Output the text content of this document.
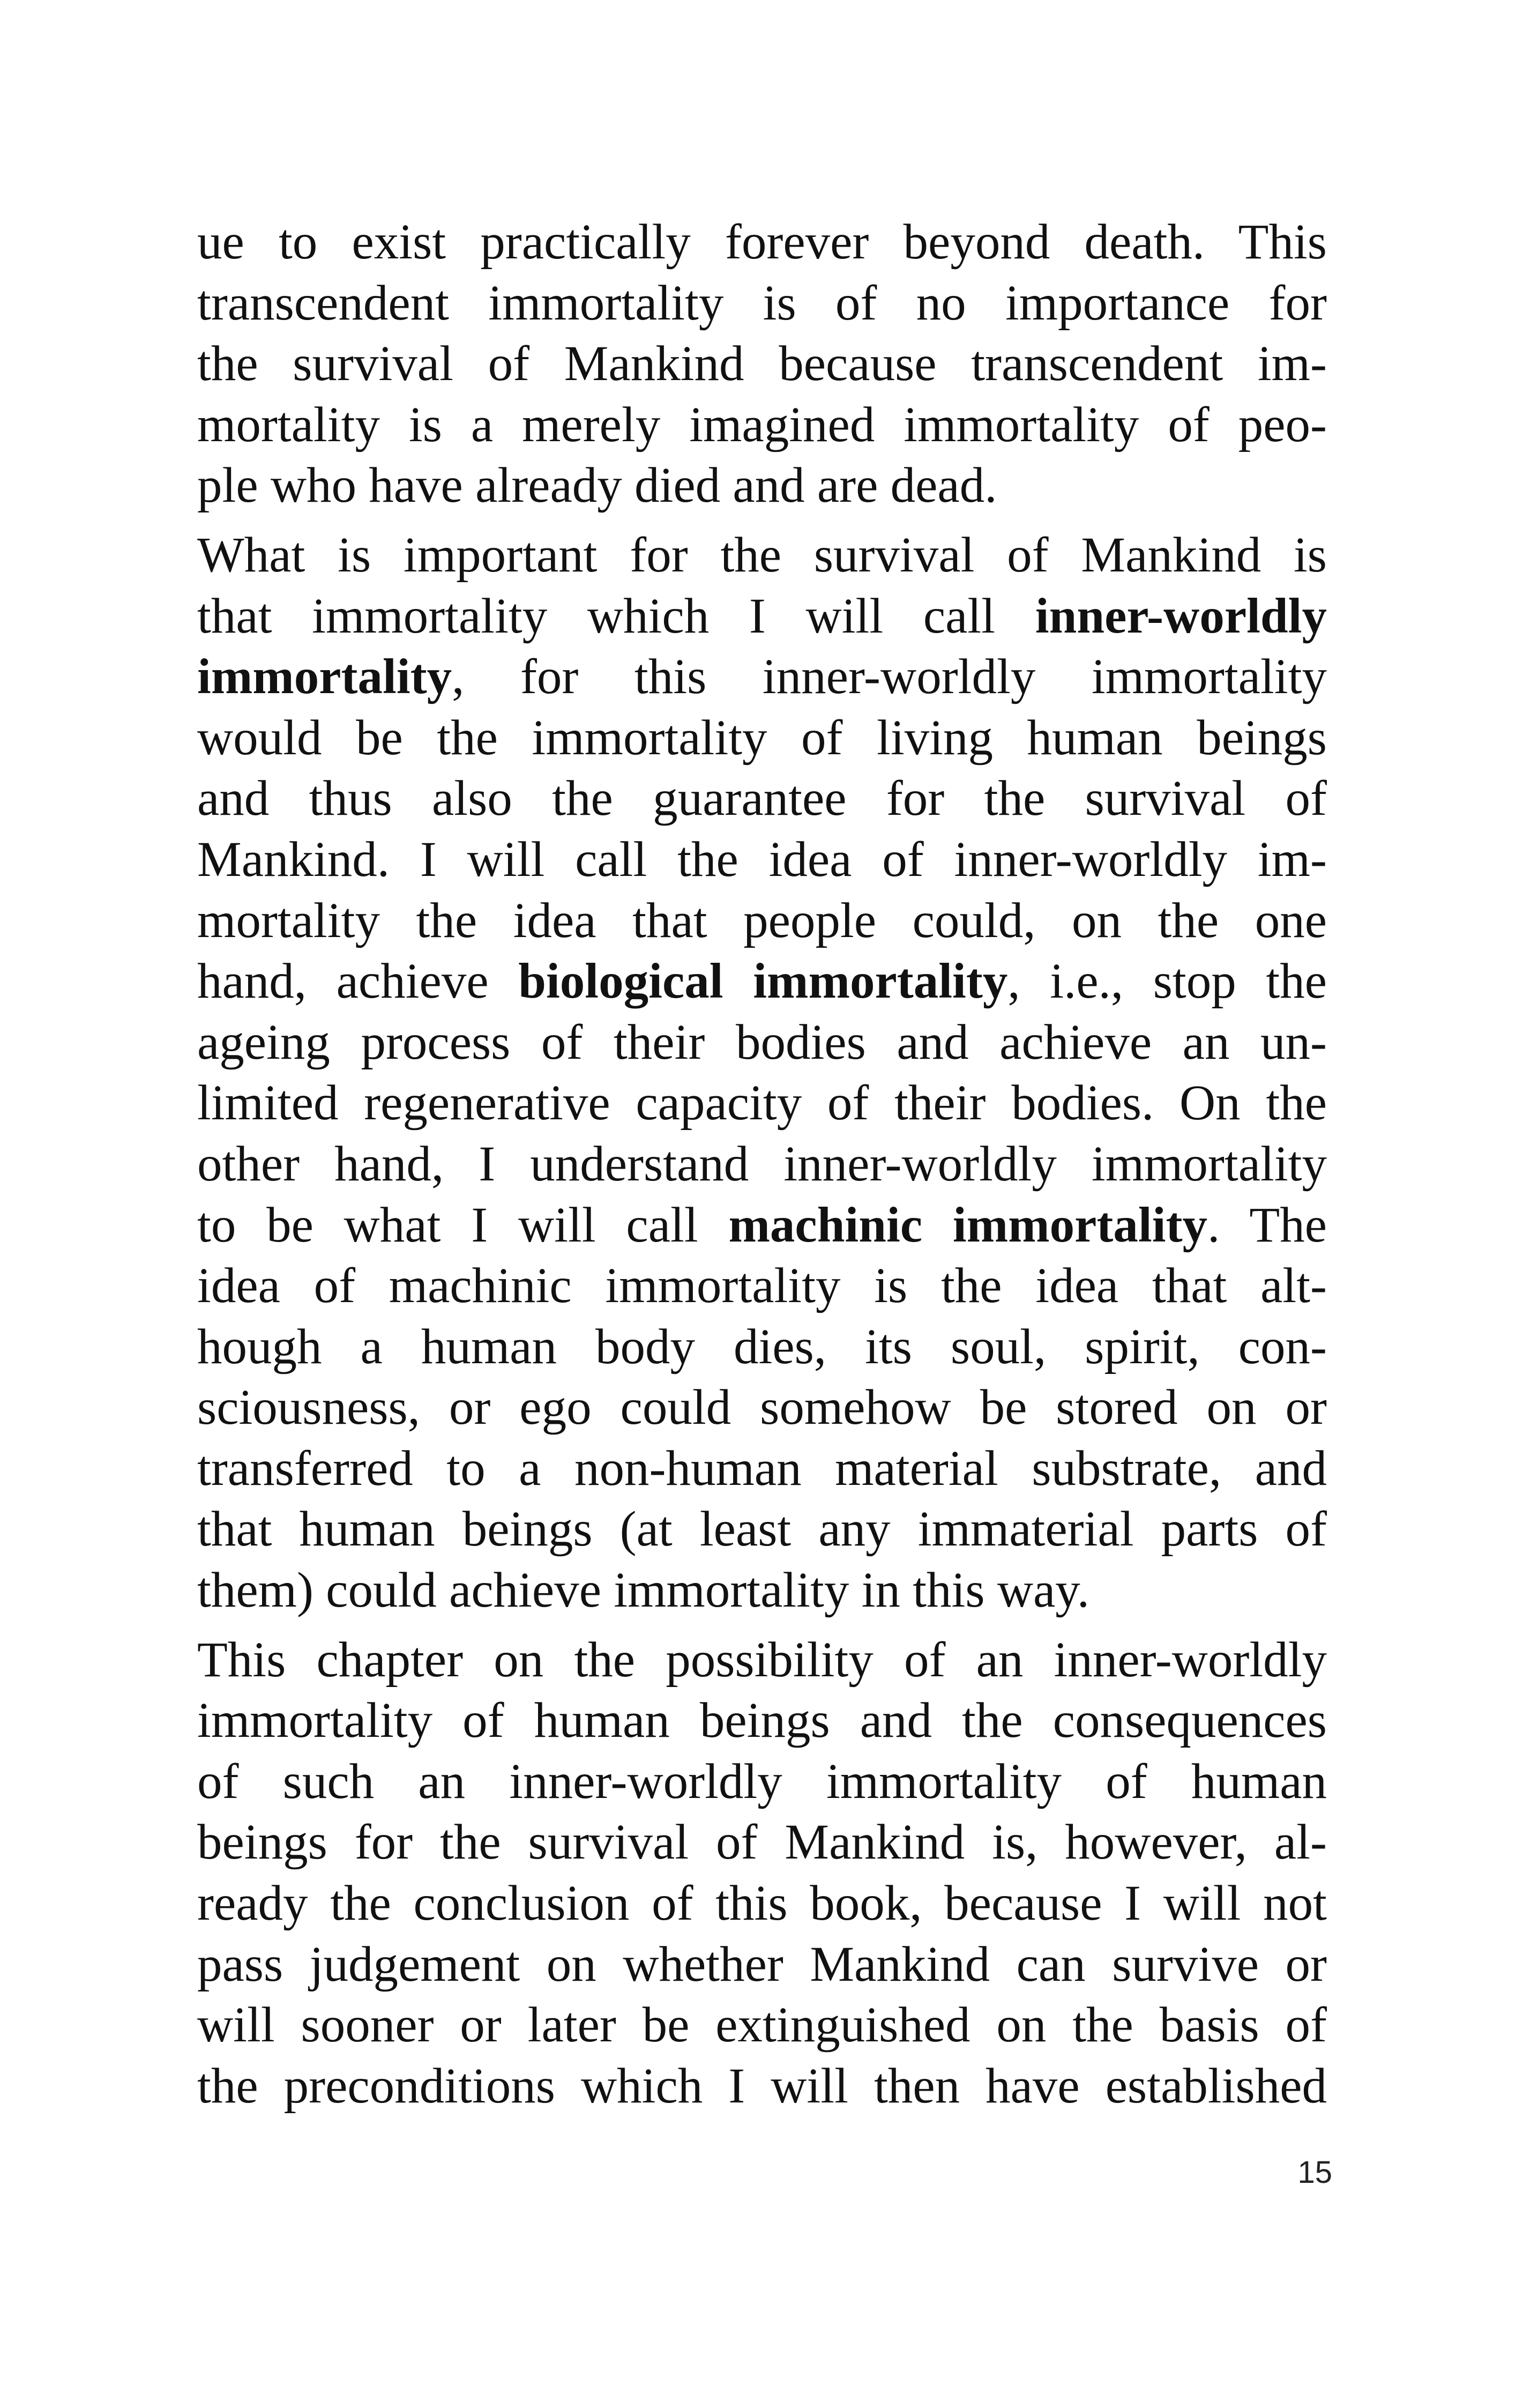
ue to exist practically forever beyond death. This
transcendent immortality is of no importance for
the survival of Mankind because transcendent im-
mortality is a merely imagined immortality of peo-
ple who have already died and are dead.

What is important for the survival of Mankind is
that immortality which I will call inner-worldly
immortality, for this inner-worldly immortality
would be the immortality of living human beings
and thus also the guarantee for the survival of
Mankind. I will call the idea of inner-worldly im-
mortality the idea that people could, on the one
hand, achieve biological immortality, i.e., stop the
ageing process of their bodies and achieve an un-
limited regenerative capacity of their bodies. On the
other hand, I understand inner-worldly immortality
to be what I will call machinic immortality. The
idea of machinic immortality is the idea that alt-
hough a human body dies, its soul, spirit, con-
sciousness, or ego could somehow be stored on or
transferred to a non-human material substrate, and
that human beings (at least any immaterial parts of
them) could achieve immortality in this way.

This chapter on the possibility of an inner-worldly
immortality of human beings and the consequences
of such an inner-worldly immortality of human
beings for the survival of Mankind is, however, al-
ready the conclusion of this book, because I will not
pass judgement on whether Mankind can survive or
will sooner or later be extinguished on the basis of
the preconditions which I will then have established

15
